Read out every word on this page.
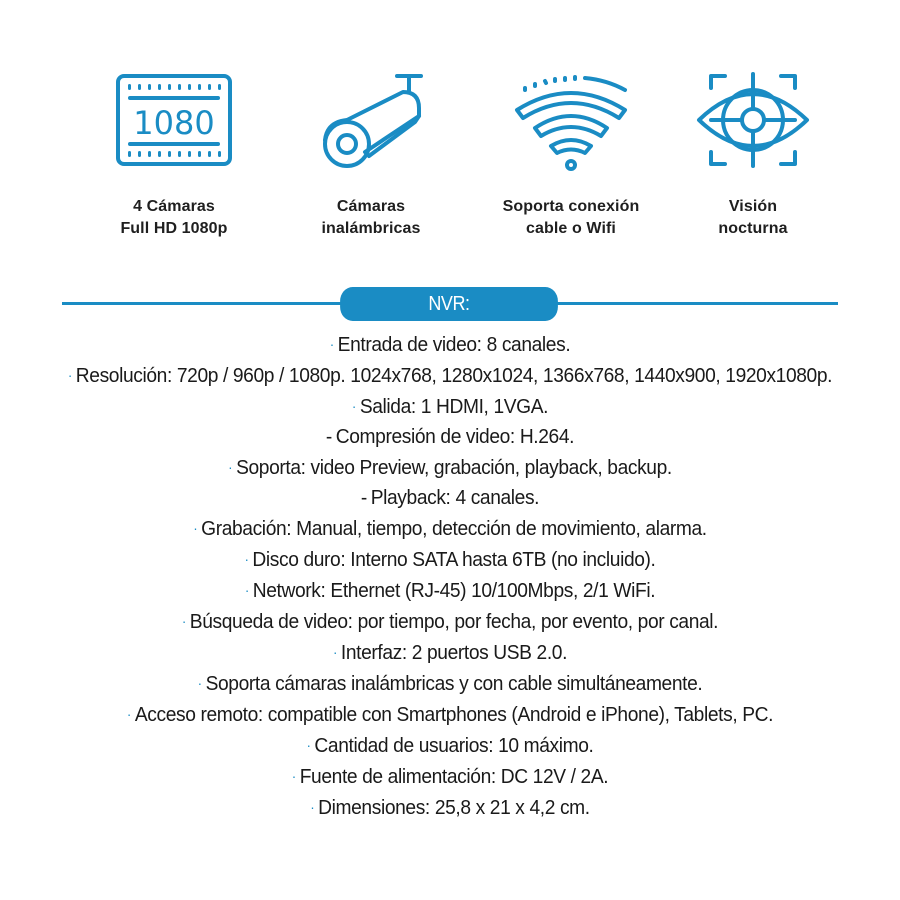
1080
4 Cámaras
Full HD 1080p
Cámaras
inalámbricas
Soporta conexión
cable o Wifi
Visión
nocturna
NVR:
· Entrada de video: 8 canales.
· Resolución: 720p / 960p / 1080p. 1024x768, 1280x1024, 1366x768, 1440x900, 1920x1080p.
· Salida: 1 HDMI, 1VGA.
- Compresión de video: H.264.
· Soporta: video Preview, grabación, playback, backup.
- Playback: 4 canales.
· Grabación: Manual, tiempo, detección de movimiento, alarma.
· Disco duro: Interno SATA hasta 6TB (no incluido).
· Network: Ethernet (RJ-45) 10/100Mbps, 2/1 WiFi.
· Búsqueda de video: por tiempo, por fecha, por evento, por canal.
· Interfaz: 2 puertos USB 2.0.
· Soporta cámaras inalámbricas y con cable simultáneamente.
· Acceso remoto: compatible con Smartphones (Android e iPhone), Tablets, PC.
· Cantidad de usuarios: 10 máximo.
· Fuente de alimentación: DC 12V / 2A.
· Dimensiones: 25,8 x 21 x 4,2 cm.
